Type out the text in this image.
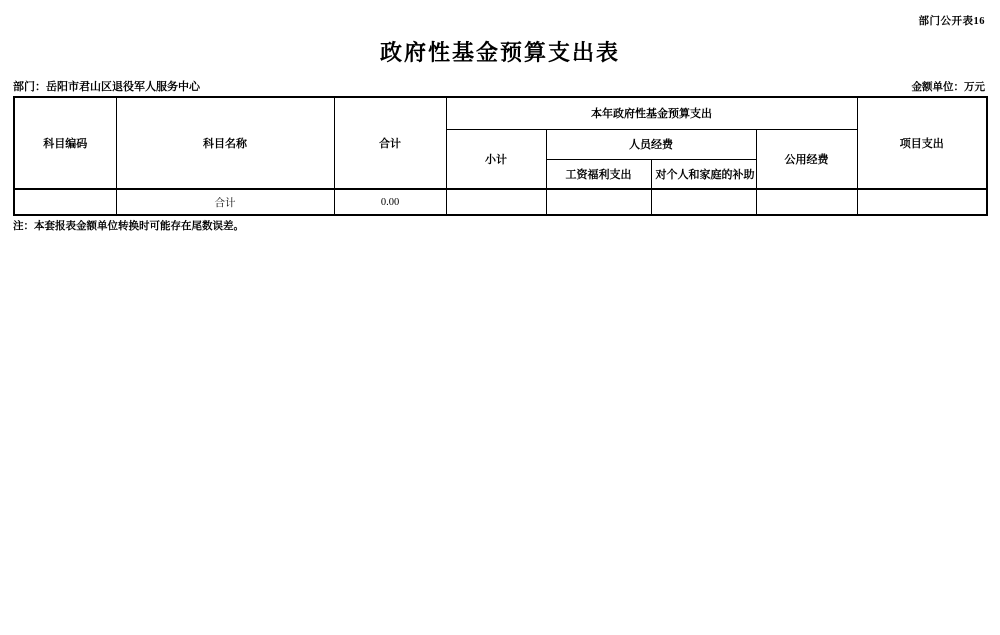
部门公开表16
政府性基金预算支出表
部门：岳阳市君山区退役军人服务中心	金额单位：万元
科目编码	科目名称	合计	本年政府性基金预算支出				项目支出
			小计	人员经费		公用经费	
				工资福利支出	对个人和家庭的补助		
	合计	0.00					
注：本套报表金额单位转换时可能存在尾数误差。
